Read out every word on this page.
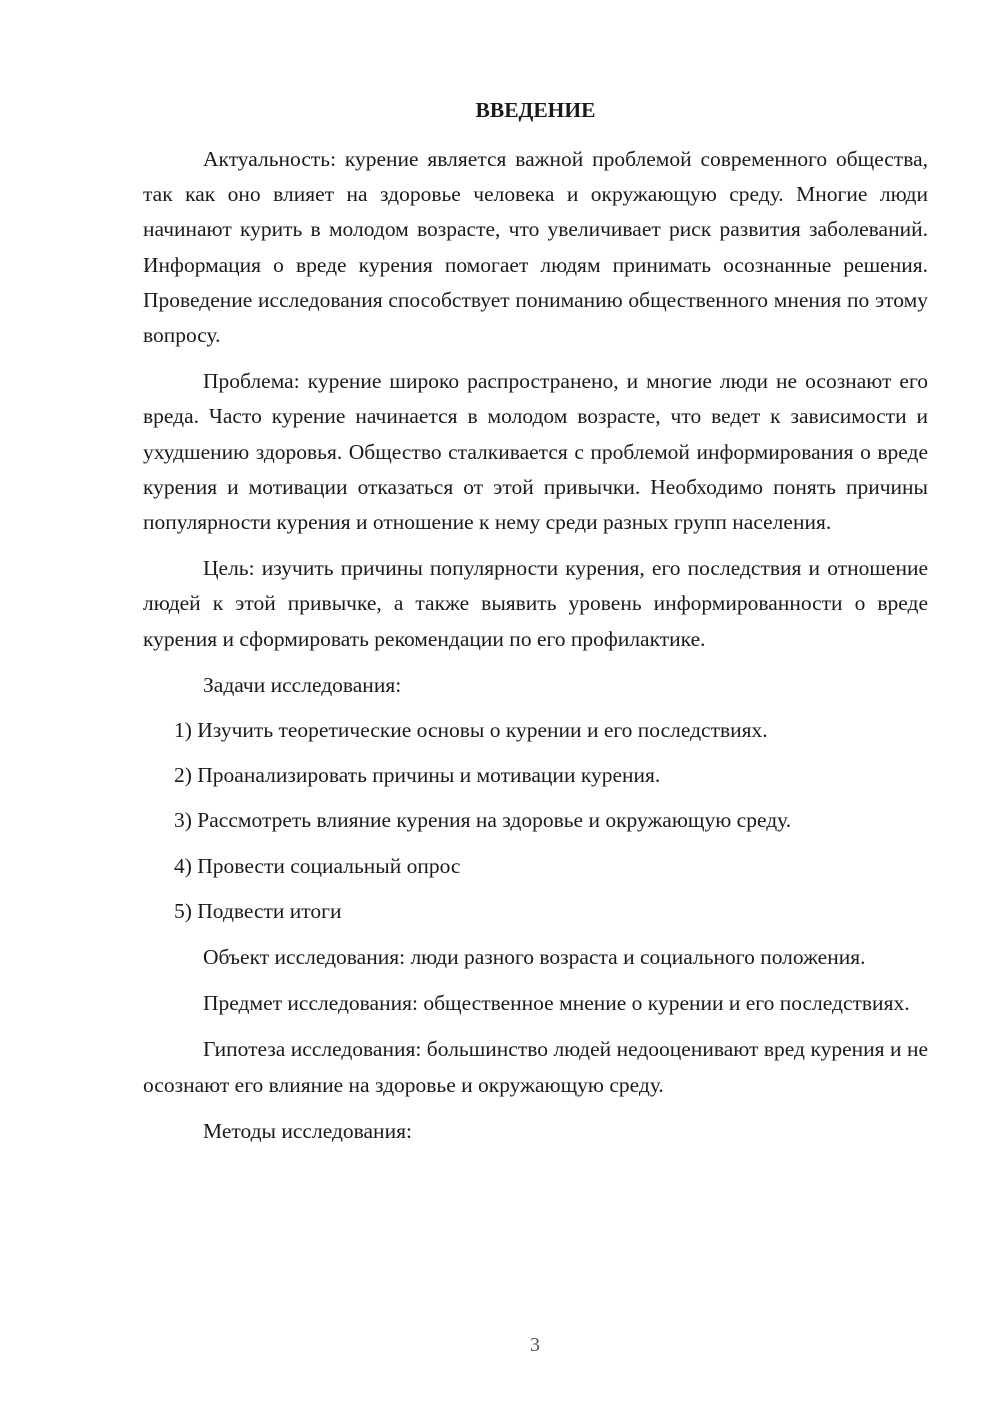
ВВЕДЕНИЕ

Актуальность: курение является важной проблемой современного общества, так как оно влияет на здоровье человека и окружающую среду. Многие люди начинают курить в молодом возрасте, что увеличивает риск развития заболеваний. Информация о вреде курения помогает людям принимать осознанные решения. Проведение исследования способствует пониманию общественного мнения по этому вопросу.

Проблема: курение широко распространено, и многие люди не осознают его вреда. Часто курение начинается в молодом возрасте, что ведет к зависимости и ухудшению здоровья. Общество сталкивается с проблемой информирования о вреде курения и мотивации отказаться от этой привычки. Необходимо понять причины популярности курения и отношение к нему среди разных групп населения.

Цель: изучить причины популярности курения, его последствия и отношение людей к этой привычке, а также выявить уровень информированности о вреде курения и сформировать рекомендации по его профилактике.

Задачи исследования:

1) Изучить теоретические основы о курении и его последствиях.

2) Проанализировать причины и мотивации курения.

3) Рассмотреть влияние курения на здоровье и окружающую среду.

4) Провести социальный опрос

5) Подвести итоги

Объект исследования: люди разного возраста и социального положения.

Предмет исследования: общественное мнение о курении и его последствиях.

Гипотеза исследования: большинство людей недооценивают вред курения и не осознают его влияние на здоровье и окружающую среду.

Методы исследования:

3
